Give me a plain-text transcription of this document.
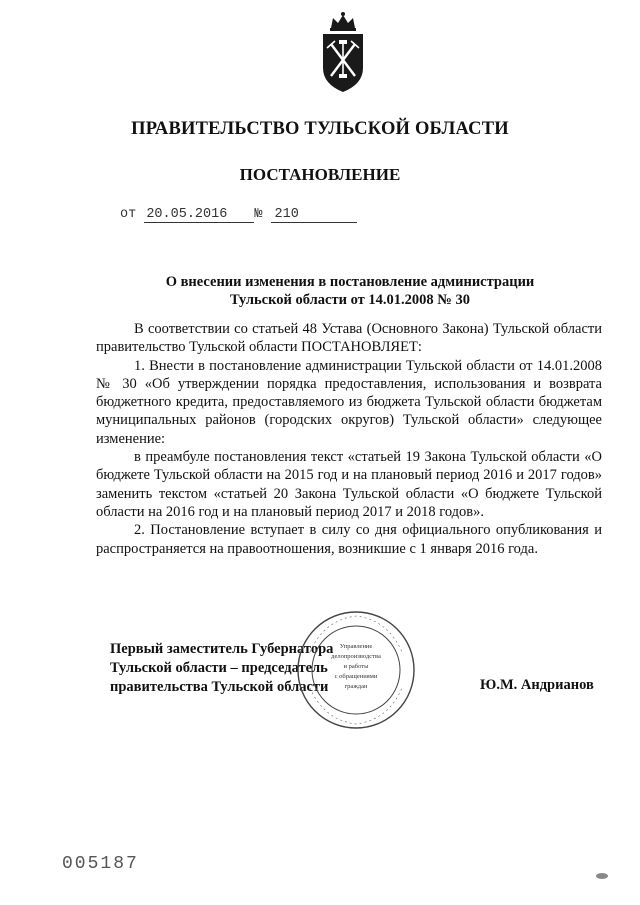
ПРАВИТЕЛЬСТВО ТУЛЬСКОЙ ОБЛАСТИ
ПОСТАНОВЛЕНИЕ
от 20.05.2016 № 210
О внесении изменения в постановление администрации
Тульской области от 14.01.2008 № 30

В соответствии со статьей 48 Устава (Основного Закона) Тульской области правительство Тульской области ПОСТАНОВЛЯЕТ:

1. Внести в постановление администрации Тульской области от 14.01.2008 № 30 «Об утверждении порядка предоставления, использования и возврата бюджетного кредита, предоставляемого из бюджета Тульской области бюджетам муниципальных районов (городских округов) Тульской области» следующее изменение:

в преамбуле постановления текст «статьей 19 Закона Тульской области «О бюджете Тульской области на 2015 год и на плановый период 2016 и 2017 годов» заменить текстом «статьей 20 Закона Тульской области «О бюджете Тульской области на 2016 год и на плановый период 2017 и 2018 годов».

2. Постановление вступает в силу со дня официального опубликования и распространяется на правоотношения, возникшие с 1 января 2016 года.

Первый заместитель Губернатора
Тульской области – председатель
правительства Тульской области	Ю.М. Андрианов
Управление
делопроизводства
и работы
с обращениями
граждан
005187
